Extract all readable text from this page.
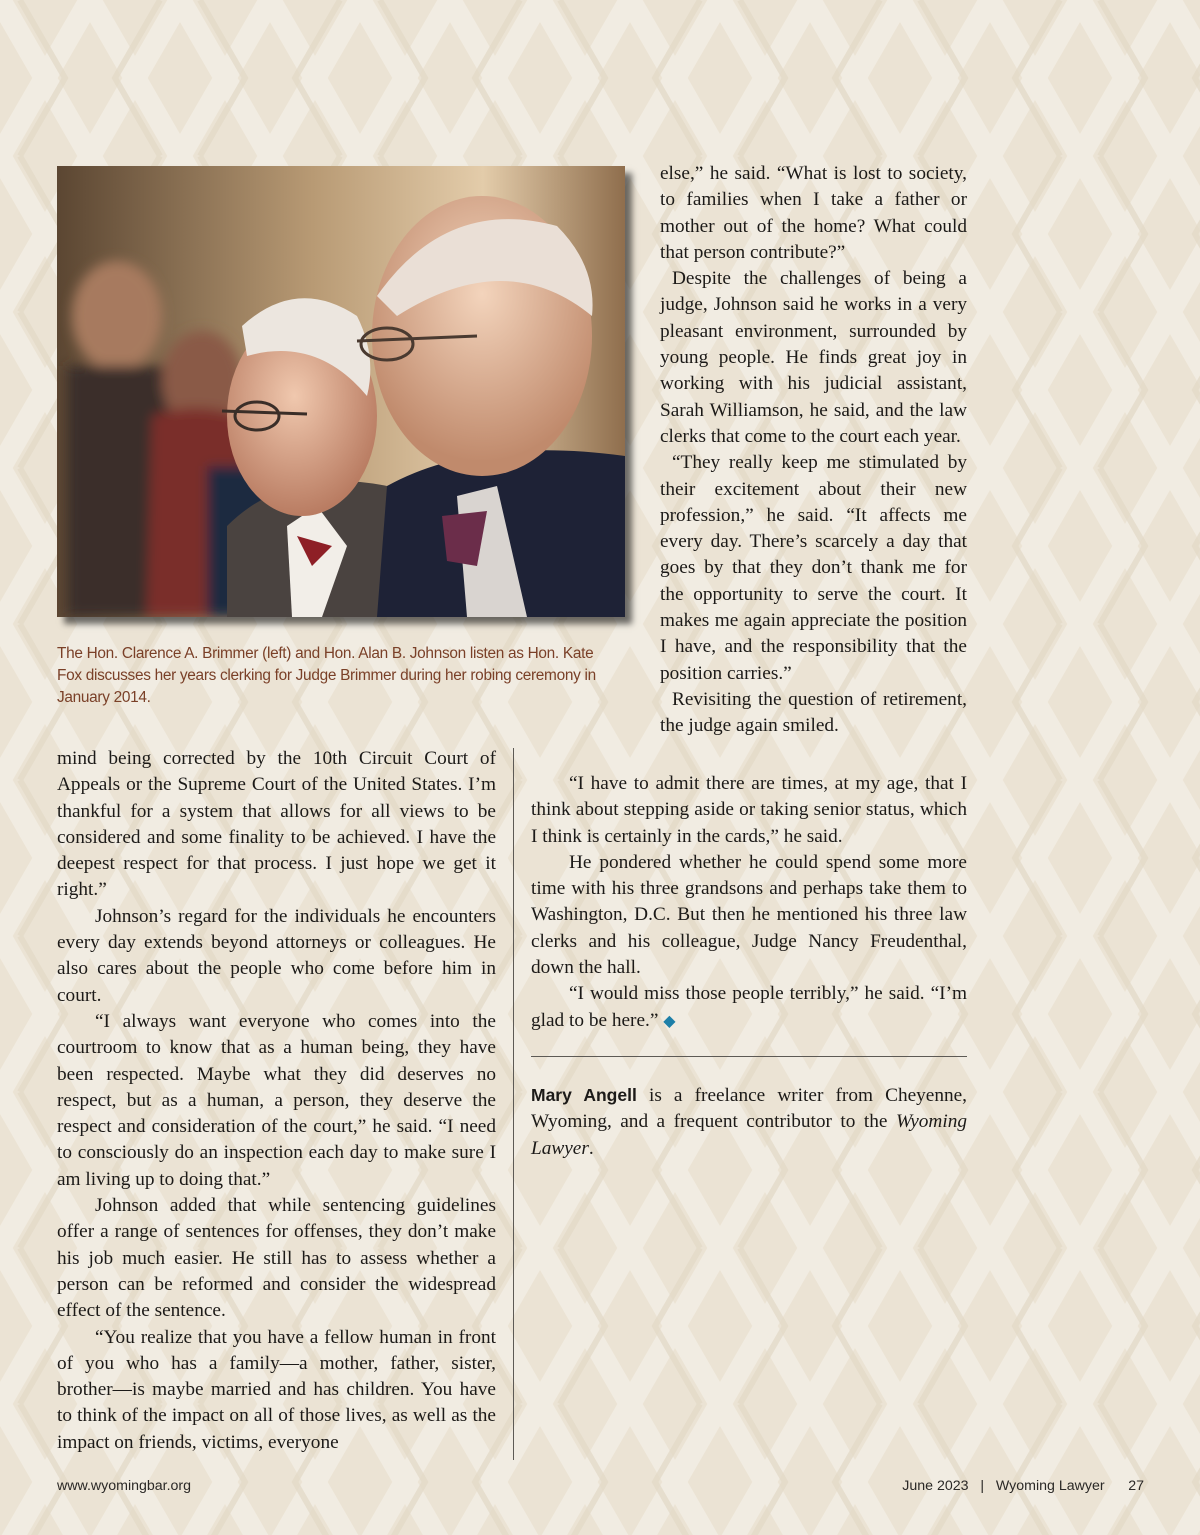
The Hon. Clarence A. Brimmer (left) and Hon. Alan B. Johnson listen as Hon. Kate Fox discusses her years clerking for Judge Brimmer during her robing ceremony in January 2014.

else,” he said. “What is lost to society, to families when I take a father or mother out of the home? What could that person contribute?”

Despite the challenges of being a judge, Johnson said he works in a very pleasant environment, surrounded by young people. He finds great joy in working with his judicial assistant, Sarah Williamson, he said, and the law clerks that come to the court each year.

“They really keep me stimulated by their excitement about their new profession,” he said. “It affects me every day. There’s scarcely a day that goes by that they don’t thank me for the opportunity to serve the court. It makes me again appreciate the position I have, and the responsibility that the position carries.”

Revisiting the question of retirement, the judge again smiled.

mind being corrected by the 10th Circuit Court of Appeals or the Supreme Court of the United States. I’m thankful for a system that allows for all views to be considered and some finality to be achieved. I have the deepest respect for that process. I just hope we get it right.”

Johnson’s regard for the individuals he encounters every day extends beyond attorneys or colleagues. He also cares about the people who come before him in court.

“I always want everyone who comes into the courtroom to know that as a human being, they have been respected. Maybe what they did deserves no respect, but as a human, a person, they deserve the respect and consideration of the court,” he said. “I need to consciously do an inspection each day to make sure I am living up to doing that.”

Johnson added that while sentencing guidelines offer a range of sentences for offenses, they don’t make his job much easier. He still has to assess whether a person can be reformed and consider the widespread effect of the sentence.

“You realize that you have a fellow human in front of you who has a family—a mother, father, sister, brother—is maybe married and has children. You have to think of the impact on all of those lives, as well as the impact on friends, victims, everyone

“I have to admit there are times, at my age, that I think about stepping aside or taking senior status, which I think is certainly in the cards,” he said.

He pondered whether he could spend some more time with his three grandsons and perhaps take them to Washington, D.C. But then he mentioned his three law clerks and his colleague, Judge Nancy Freudenthal, down the hall.

“I would miss those people terribly,” he said. “I’m glad to be here.” ◆

Mary Angell is a freelance writer from Cheyenne, Wyoming, and a frequent contributor to the Wyoming Lawyer.

www.wyomingbar.org	June 2023 | Wyoming Lawyer 27
